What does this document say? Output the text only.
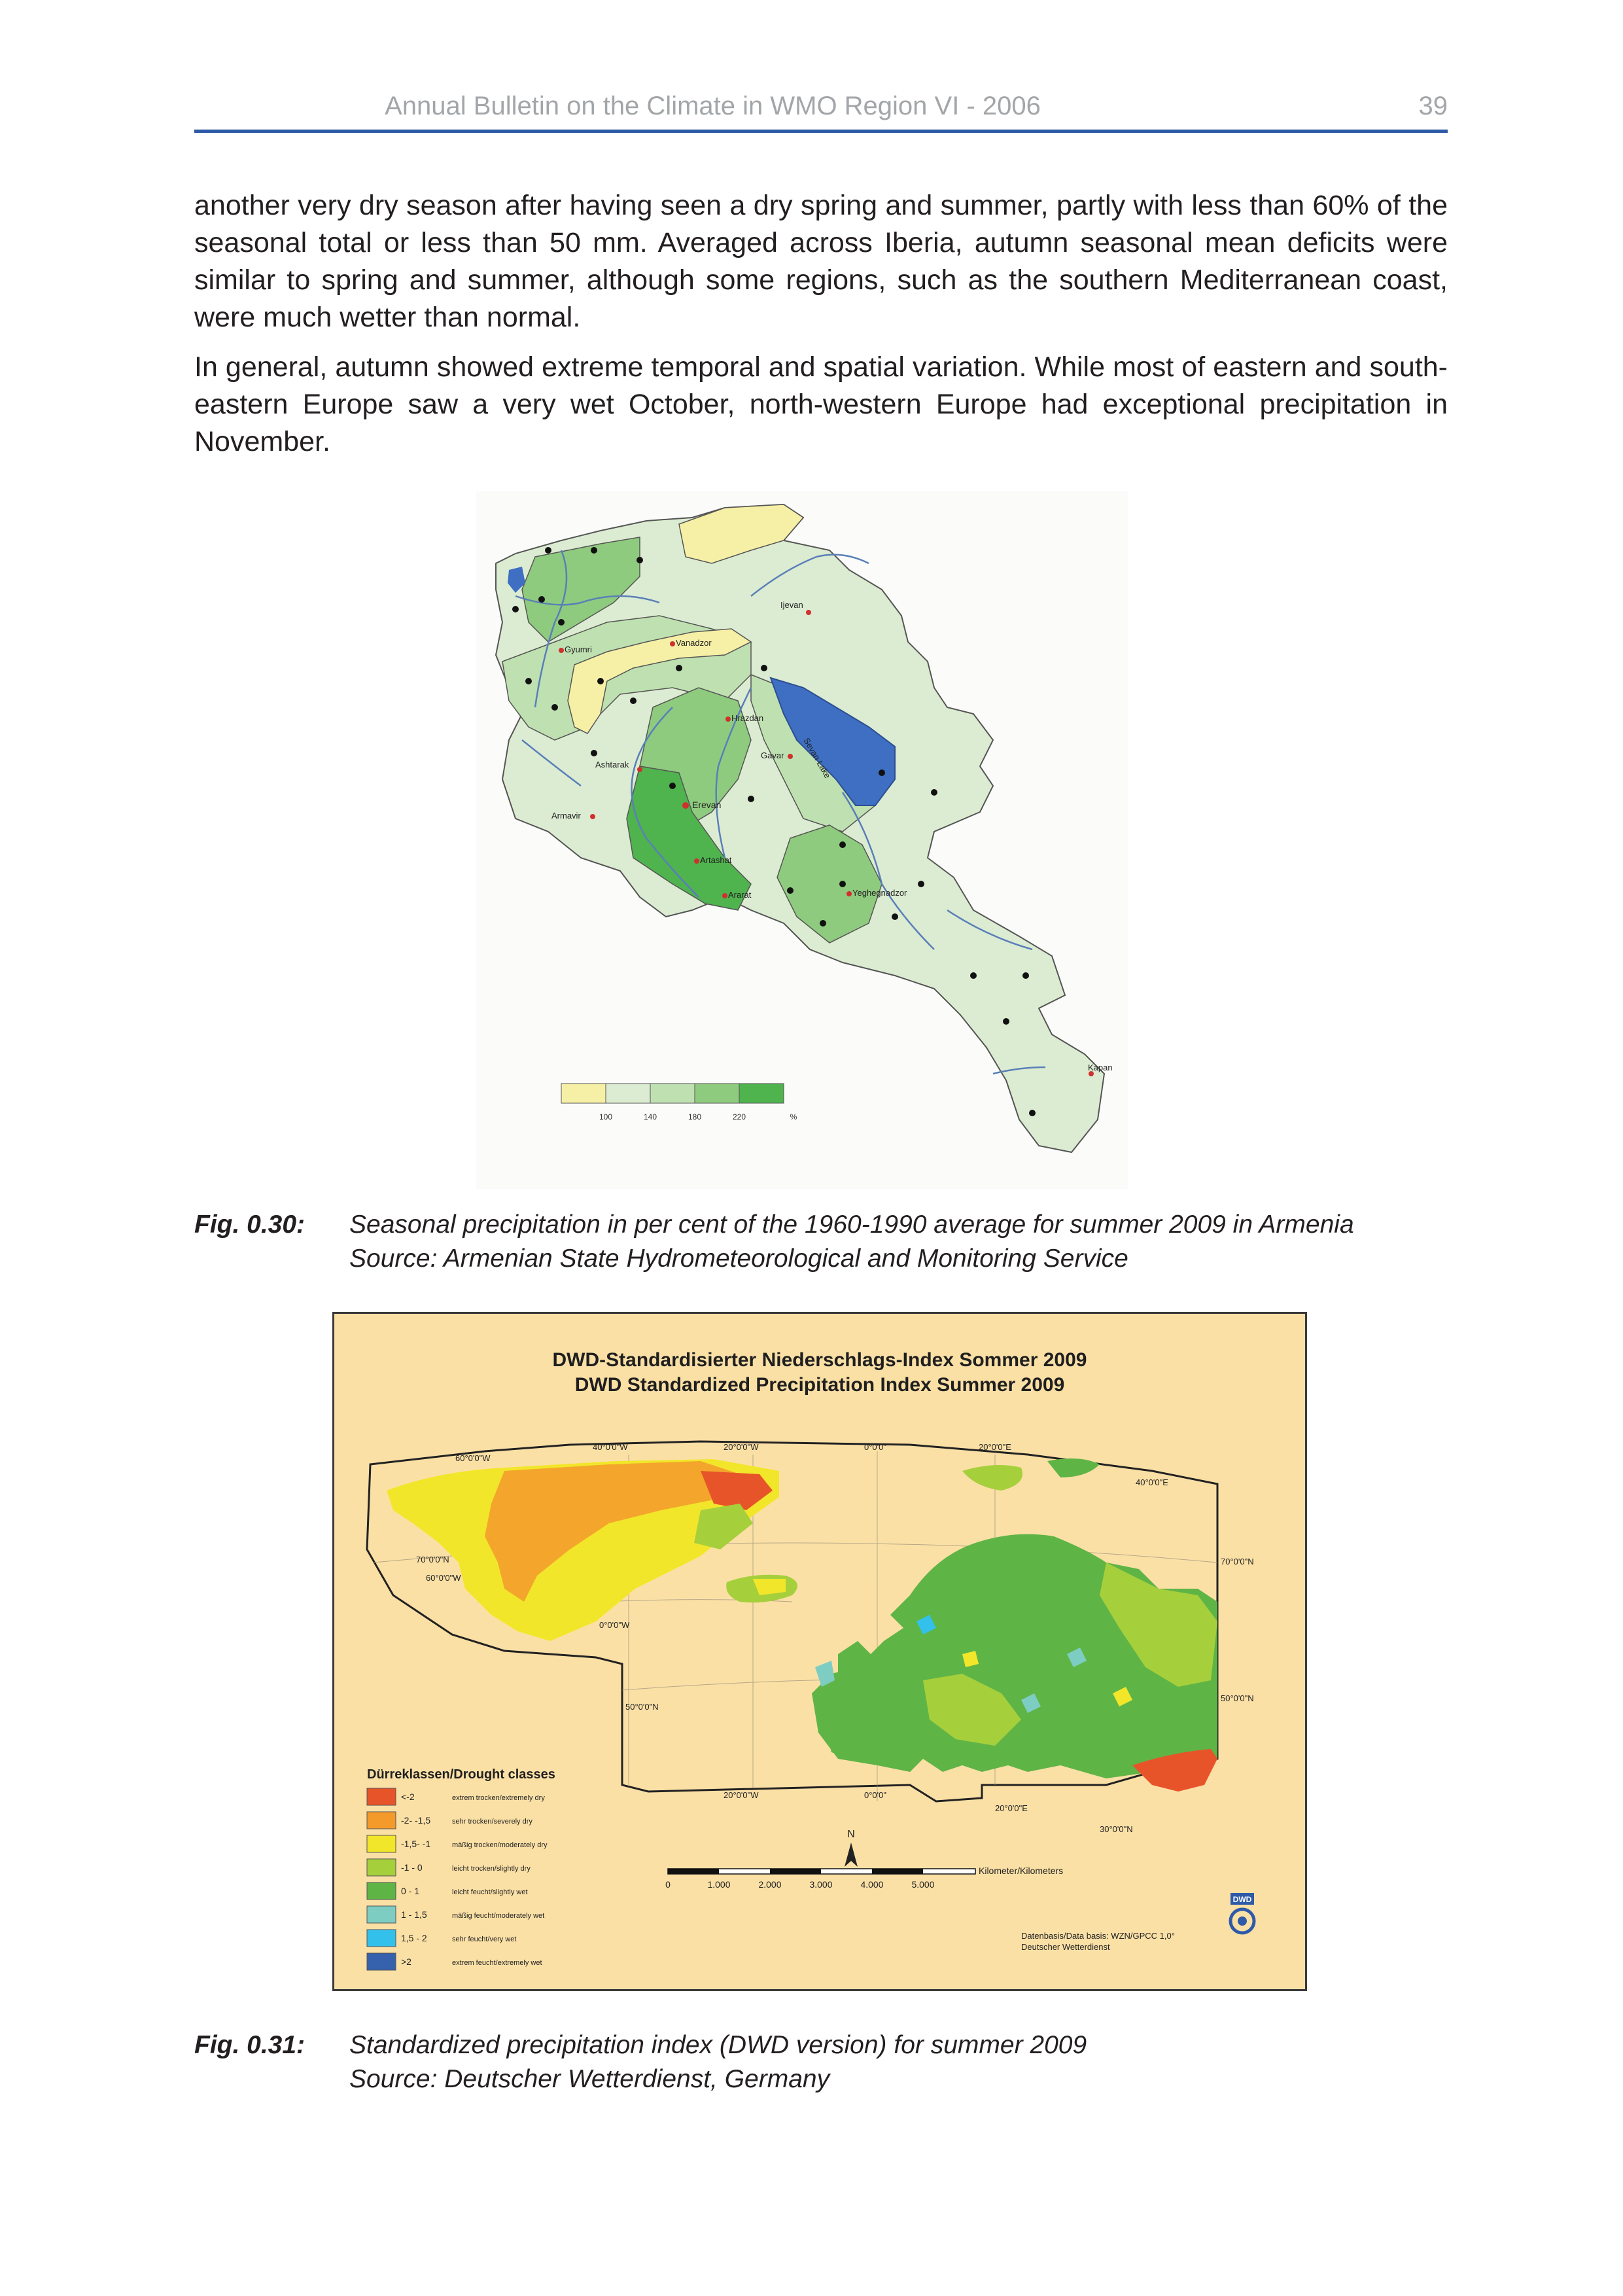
Annual Bulletin on the Climate in WMO Region VI - 2006	39

another very dry season after having seen a dry spring and summer, partly with less than 60% of the seasonal total or less than 50 mm. Averaged across Iberia, autumn seasonal mean deficits were similar to spring and summer, although some regions, such as the southern Mediterranean coast, were much wetter than normal.

In general, autumn showed extreme temporal and spatial variation. While most of eastern and south-eastern Europe saw a very wet October, north-western Europe had exceptional precipitation in November.

Ijevan
Vanadzor
Gyumri
Hrazdan
Sevan Lake
Gavar
Ashtarak
Armavir
Erevan
Artashat
Ararat	Yeghegnadzor
Kapan
100	140	180	220	%
Fig. 0.30: Seasonal precipitation in per cent of the 1960-1990 average for summer 2009 in Armenia
Source: Armenian State Hydrometeorological and Monitoring Service
DWD-Standardisierter Niederschlags-Index Sommer 2009
DWD Standardized Precipitation Index Summer 2009
40°0'0"W	20°0'0"W	0°0'0"	20°0'0"E
60°0'0"W
40°0'0"E
70°0'0"N
60°0'0"W
70°0'0"N
0°0'0"W
50°0'0"N
50°0'0"N
20°0'0"W	0°0'0"
20°0'0"E
30°0'0"N
Dürreklassen/Drought classes
<-2	extrem trocken/extremely dry
-2- -1,5	sehr trocken/severely dry
-1,5- -1	mäßig trocken/moderately dry
-1 - 0	leicht trocken/slightly dry
0 - 1	leicht feucht/slightly wet
1 - 1,5	mäßig feucht/moderately wet
1,5 - 2	sehr feucht/very wet
>2	extrem feucht/extremely wet
N
Kilometer/Kilometers
0	1.000	2.000	3.000	4.000	5.000
DWD
Datenbasis/Data basis: WZN/GPCC 1,0°
Deutscher Wetterdienst
Fig. 0.31: Standardized precipitation index (DWD version) for summer 2009
Source: Deutscher Wetterdienst, Germany
